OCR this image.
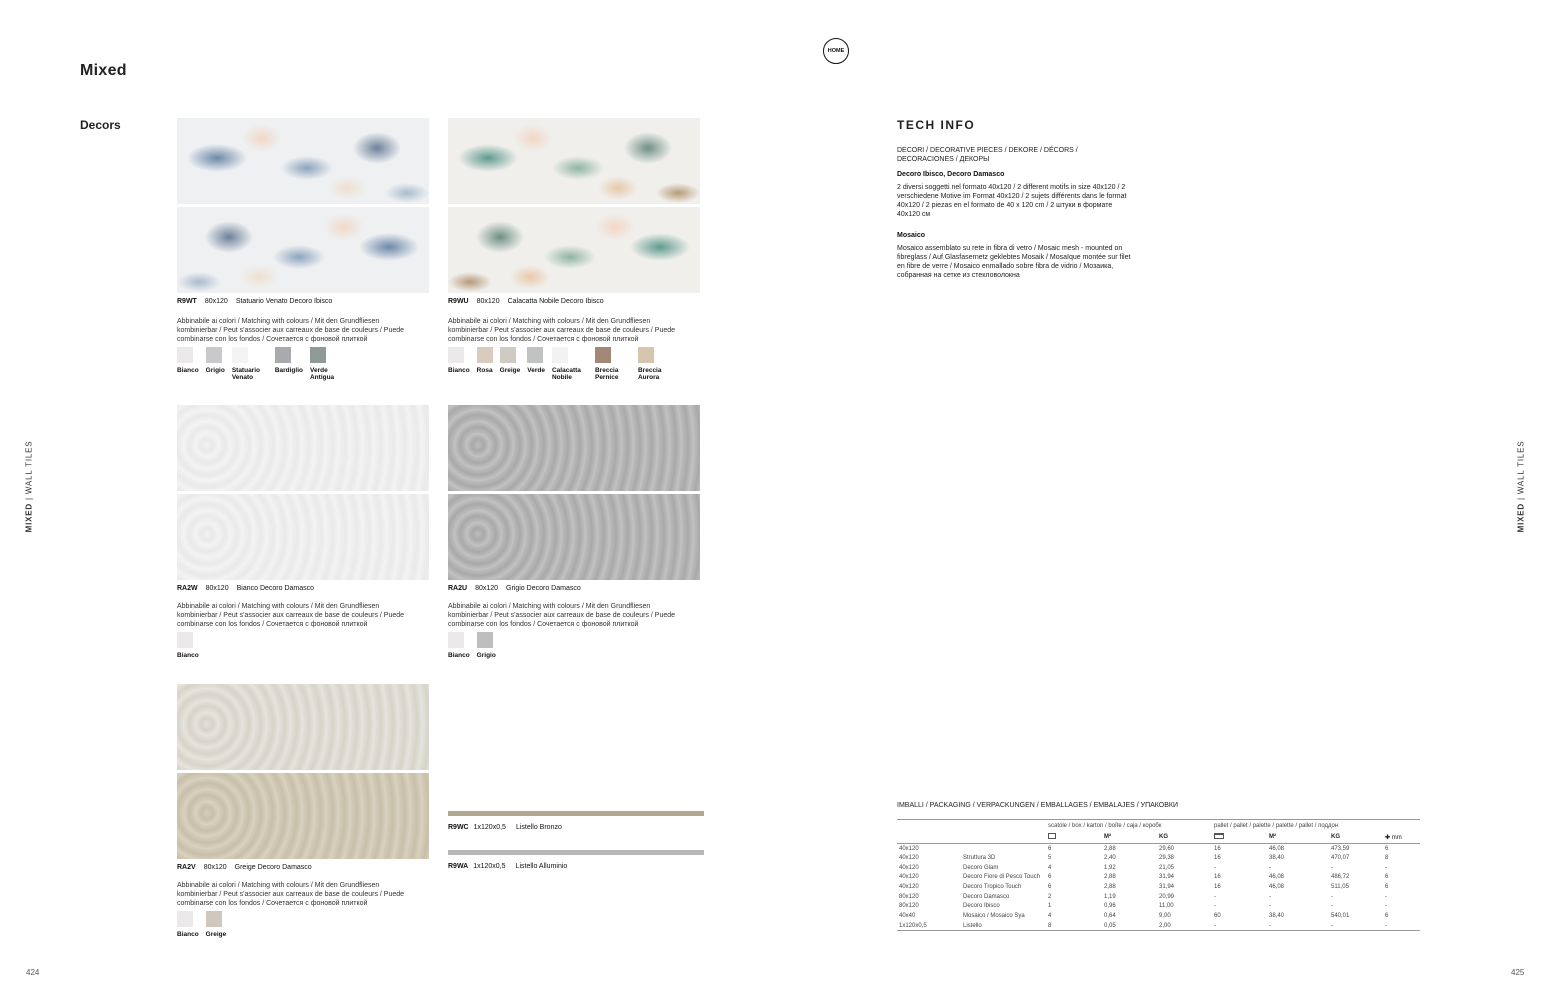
Mixed
Decors
HOME
MIXED | WALL TILES
MIXED | WALL TILES
424	425
R9WT 80x120 Statuario Venato Decoro Ibisco
Abbinabile ai colori / Matching with colours / Mit den Grundfliesen kombinierbar / Peut s'associer aux carreaux de base de couleurs / Puede combinarse con los fondos / Сочетается с фоновой плиткой
Bianco Grigio Statuario Venato
Bardiglio Verde Antigua
R9WU 80x120 Calacatta Nobile Decoro Ibisco
Abbinabile ai colori / Matching with colours / Mit den Grundfliesen kombinierbar / Peut s'associer aux carreaux de base de couleurs / Puede combinarse con los fondos / Сочетается с фоновой плиткой
Bianco Rosa Greige Verde Calacatta Nobile
Breccia Pernice
Breccia Aurora
RA2W 80x120 Bianco Decoro Damasco
Abbinabile ai colori / Matching with colours / Mit den Grundfliesen kombinierbar / Peut s'associer aux carreaux de base de couleurs / Puede combinarse con los fondos / Сочетается с фоновой плиткой
Bianco
RA2U 80x120 Grigio Decoro Damasco
Abbinabile ai colori / Matching with colours / Mit den Grundfliesen kombinierbar / Peut s'associer aux carreaux de base de couleurs / Puede combinarse con los fondos / Сочетается с фоновой плиткой
Bianco Grigio
RA2V 80x120 Greige Decoro Damasco
Abbinabile ai colori / Matching with colours / Mit den Grundfliesen kombinierbar / Peut s'associer aux carreaux de base de couleurs / Puede combinarse con los fondos / Сочетается с фоновой плиткой
Bianco Greige
R9WC 1x120x0,5 Listello Bronzo
R9WA 1x120x0,5 Listello Alluminio
TECH INFO
DECORI / DECORATIVE PIECES / DEKORE / DÉCORS / DECORACIONES / ДЕКОРЫ
Decoro Ibisco, Decoro Damasco
2 diversi soggetti nel formato 40x120 / 2 different motifs in size 40x120 / 2 verschiedene Motive im Format 40x120 / 2 sujets différents dans le format 40x120 / 2 piezas en el formato de 40 x 120 cm / 2 штуки в формате 40x120 см
Mosaico
Mosaico assemblato su rete in fibra di vetro / Mosaic mesh - mounted on fibreglass / Auf Glasfasernetz geklebtes Mosaik / Mosaïque montée sur filet en fibre de verre / Mosaico enmallado sobre fibra de vidrio / Мозаика, собранная на сетке из стекловолокна
IMBALLI / PACKAGING / VERPACKUNGEN / EMBALLAGES / EMBALAJES / УПАКОВКИ
		scatole / box / karton / boîte / caja / коробк			pallet / pallet / palette / palette / pallet / поддон			
			M²	KG		M²	KG	✚ mm
40x120		6	2,88	29,60	16	46,08	473,59	6
40x120	Struttura 3D	5	2,40	29,38	16	38,40	470,07	8
40x120	Decoro Glam	4	1,92	21,05	-	-	-	-
40x120	Decoro Fiore di Pesco Touch	6	2,88	31,94	16	46,08	486,72	6
40x120	Decoro Tropico Touch	6	2,88	31,94	16	46,08	511,05	6
80x120	Decoro Damasco	2	1,19	20,99	-	-	-	-
80x120	Decoro Ibisco	1	0,96	11,00	-	-	-	-
40x40	Mosaico / Mosaico Sya	4	0,64	9,00	60	38,40	540,01	6
1x120x0,5	Listello	8	0,05	2,00	-	-	-	-
